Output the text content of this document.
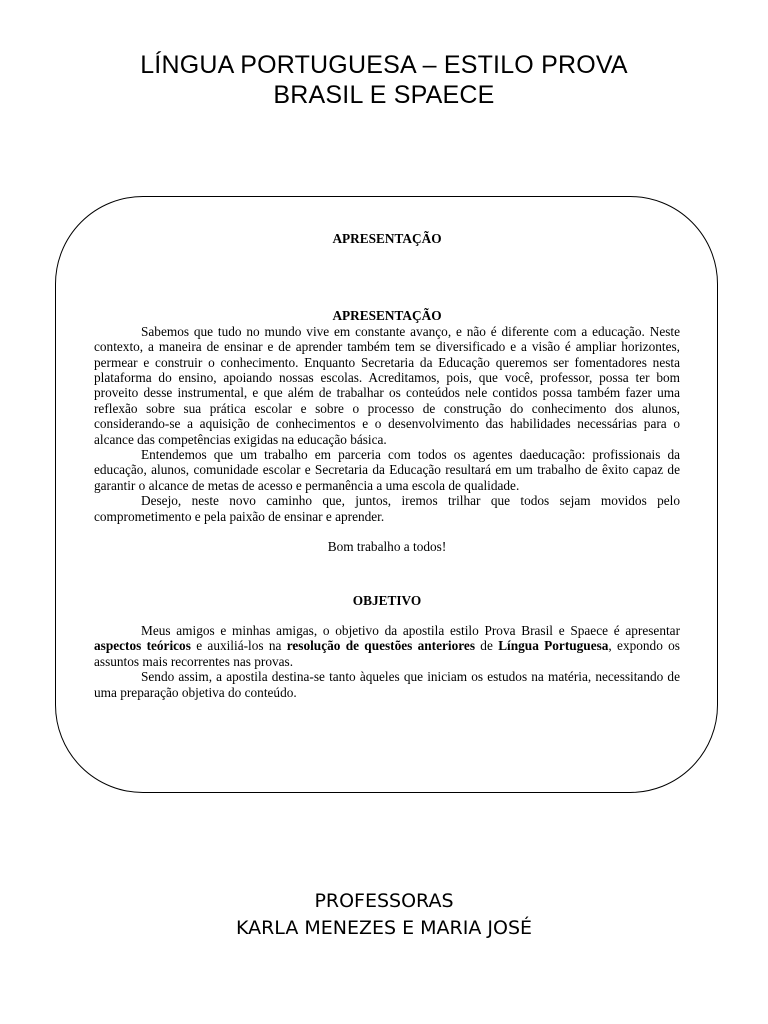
LÍNGUA PORTUGUESA – ESTILO PROVA
BRASIL E SPAECE

APRESENTAÇÃO

APRESENTAÇÃO

Sabemos que tudo no mundo vive em constante avanço, e não é diferente com a educação. Neste contexto, a maneira de ensinar e de aprender também tem se diversificado e a visão é ampliar horizontes, permear e construir o conhecimento. Enquanto Secretaria da Educação queremos ser fomentadores nesta plataforma do ensino, apoiando nossas escolas. Acreditamos, pois, que você, professor, possa ter bom proveito desse instrumental, e que além de trabalhar os conteúdos nele contidos possa também fazer uma reflexão sobre sua prática escolar e sobre o processo de construção do conhecimento dos alunos, considerando-se a aquisição de conhecimentos e o desenvolvimento das habilidades necessárias para o alcance das competências exigidas na educação básica.

Entendemos que um trabalho em parceria com todos os agentes daeducação: profissionais da educação, alunos, comunidade escolar e Secretaria da Educação resultará em um trabalho de êxito capaz de garantir o alcance de metas de acesso e permanência a uma escola de qualidade.

Desejo, neste novo caminho que, juntos, iremos trilhar que todos sejam movidos pelo comprometimento e pela paixão de ensinar e aprender.

Bom trabalho a todos!

OBJETIVO

Meus amigos e minhas amigas, o objetivo da apostila estilo Prova Brasil e Spaece é apresentar aspectos teóricos e auxiliá-los na resolução de questões anteriores de Língua Portuguesa, expondo os assuntos mais recorrentes nas provas.

Sendo assim, a apostila destina-se tanto àqueles que iniciam os estudos na matéria, necessitando de uma preparação objetiva do conteúdo.

PROFESSORAS
KARLA MENEZES E MARIA JOSÉ
